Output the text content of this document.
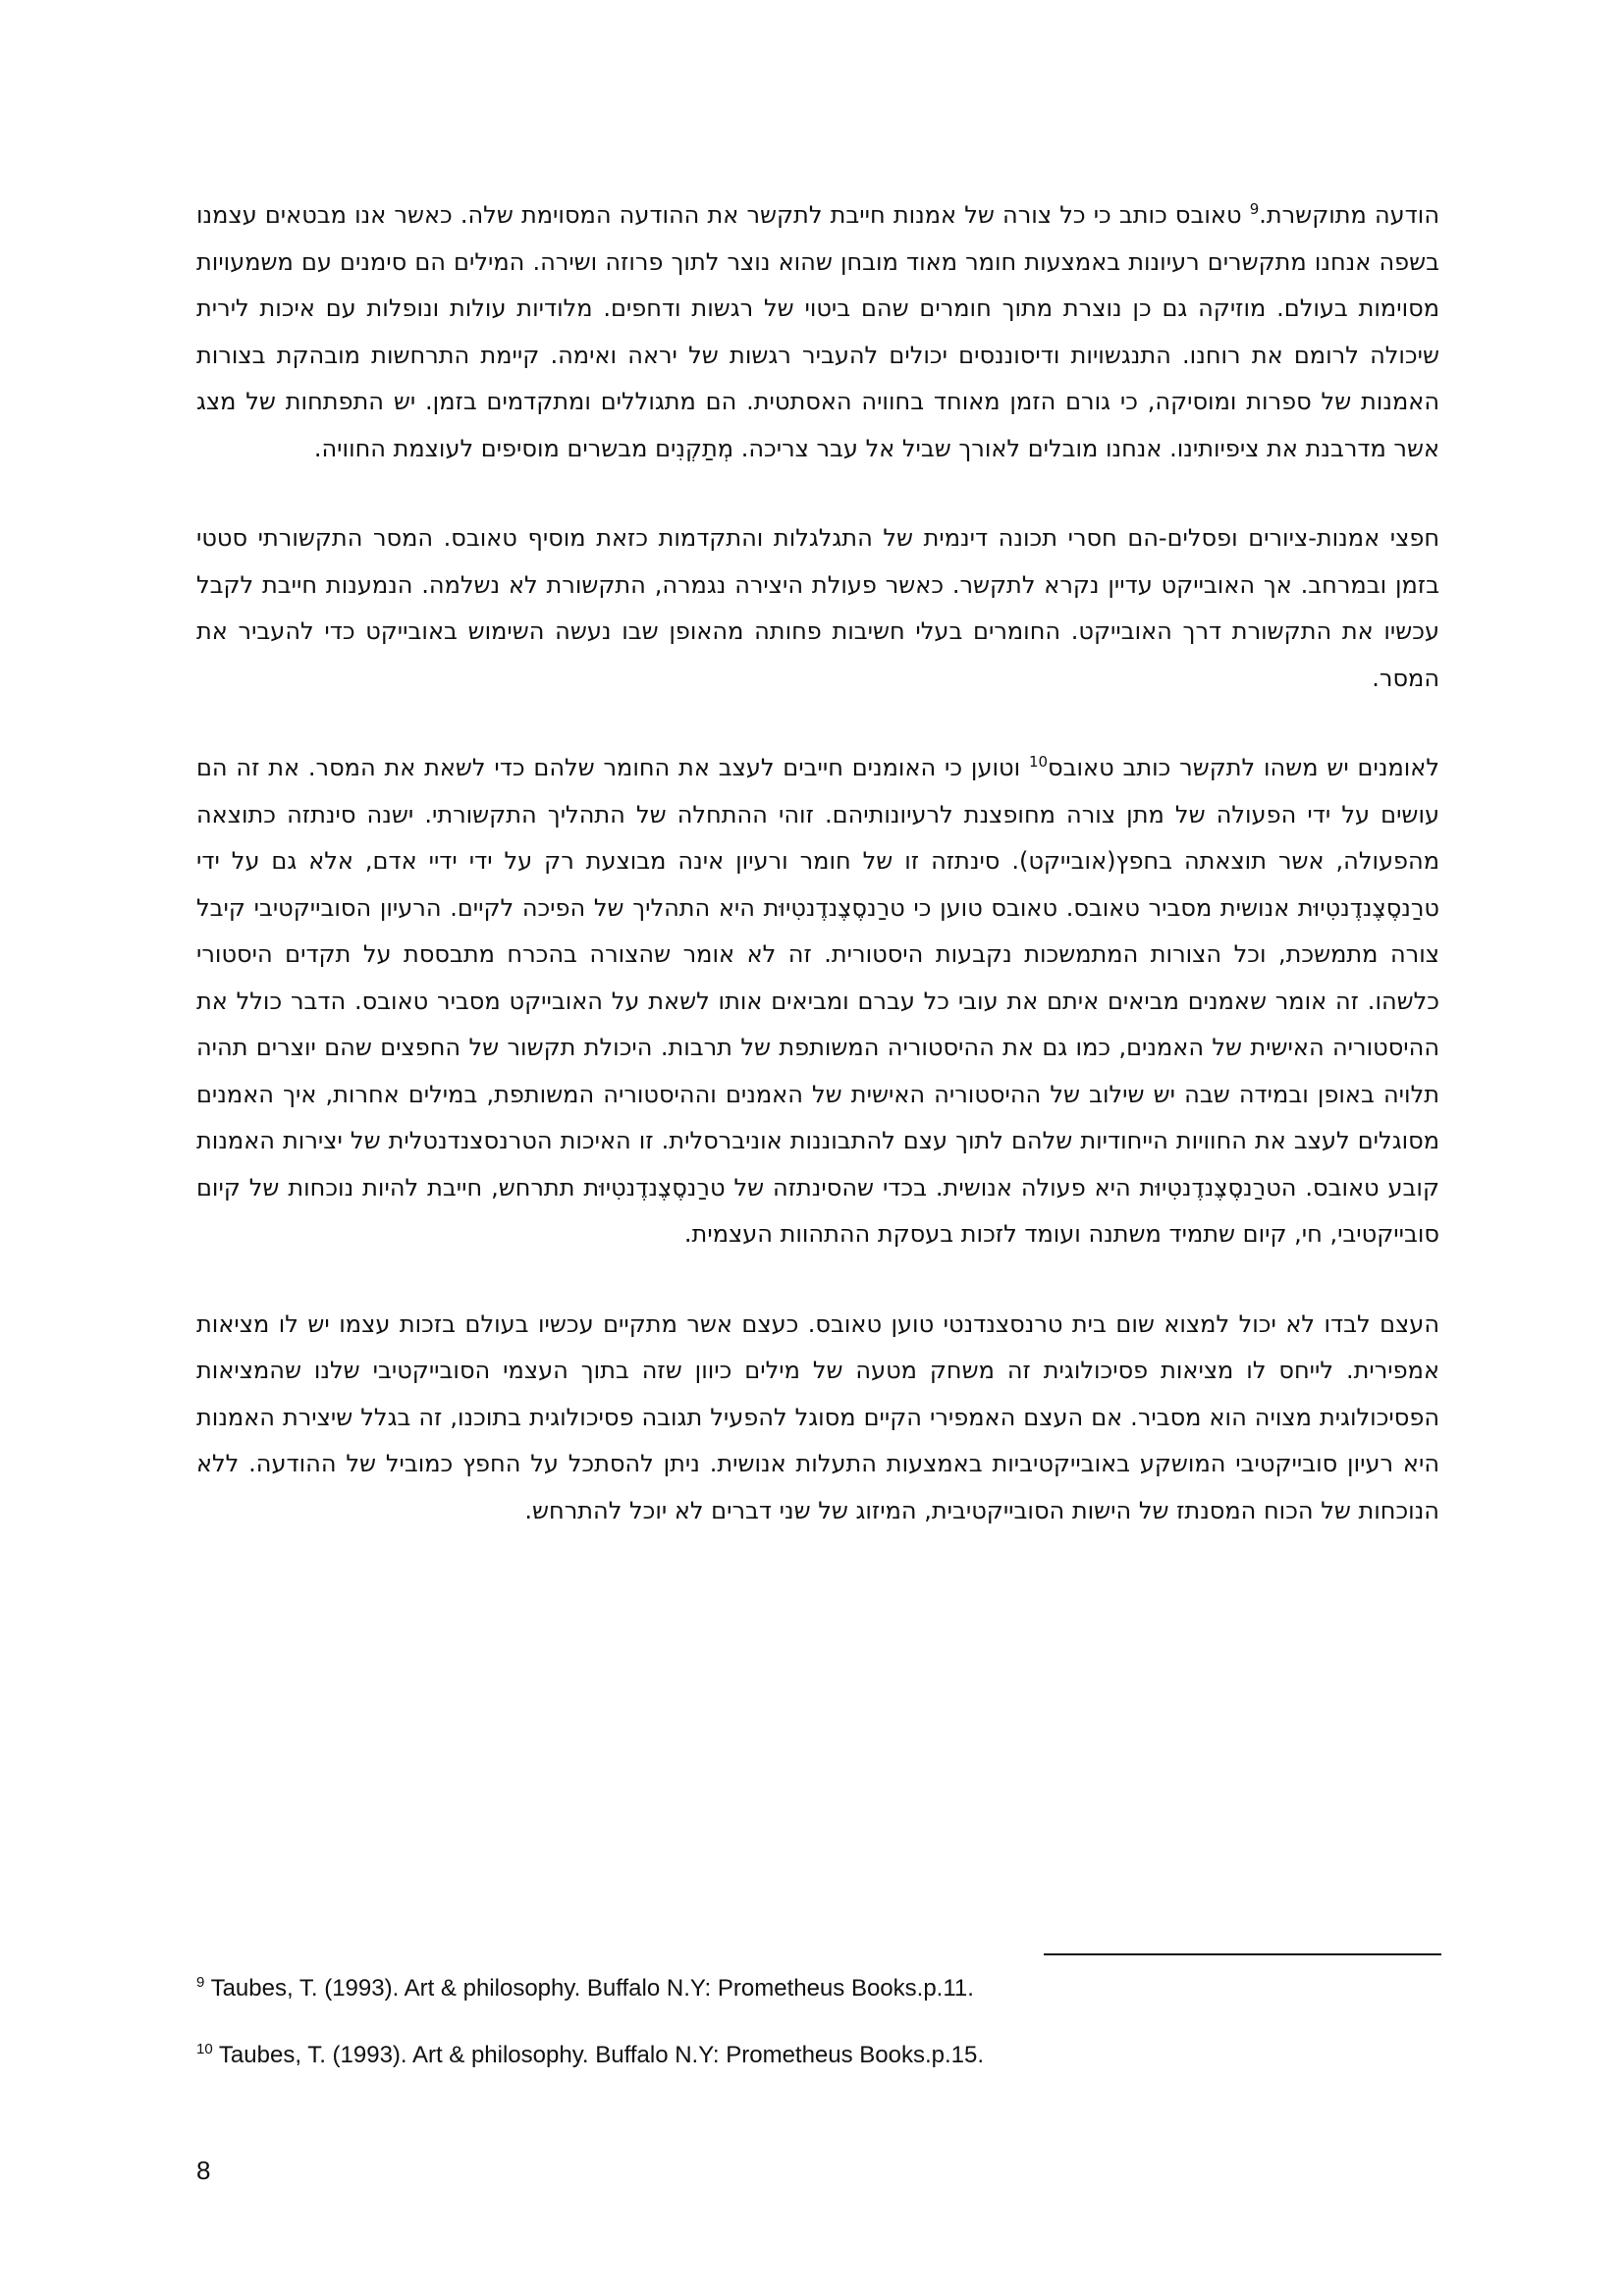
הודעה מתוקשרת.$^9$ טאובס כותב כי כל צורה של אמנות חייבת לתקשר את ההודעה המסוימת שלה. כאשר אנו מבטאים עצמנו בשפה אנחנו מתקשרים רעיונות באמצעות חומר מאוד מובחן שהוא נוצר לתוך פרוזה ושירה. המילים הם סימנים עם משמעויות מסוימות בעולם. מוזיקה גם כן נוצרת מתוך חומרים שהם ביטוי של רגשות ודחפים. מלודיות עולות ונופלות עם איכות לירית שיכולה לרומם את רוחנו. התנגשויות ודיסוננסים יכולים להעביר רגשות של יראה ואימה. קיימת התרחשות מובהקת בצורות האמנות של ספרות ומוסיקה, כי גורם הזמן מאוחד בחוויה האסתטית. הם מתגוללים ומתקדמים בזמן. יש התפתחות של מצג אשר מדרבנת את ציפיותינו. אנחנו מובלים לאורך שביל אל עבר צריכה. מְתַקְנִים מבשרים מוסיפים לעוצמת החוויה.

חפצי אמנות-ציורים ופסלים-הם חסרי תכונה דינמית של התגלגלות והתקדמות כזאת מוסיף טאובס. המסר התקשורתי סטטי בזמן ובמרחב. אך האובייקט עדיין נקרא לתקשר. כאשר פעולת היצירה נגמרה, התקשורת לא נשלמה. הנמענות חייבת לקבל עכשיו את התקשורת דרך האובייקט. החומרים בעלי חשיבות פחותה מהאופן שבו נעשה השימוש באובייקט כדי להעביר את המסר.

לאומנים יש משהו לתקשר כותב טאובס$^{10}$ וטוען כי האומנים חייבים לעצב את החומר שלהם כדי לשאת את המסר. את זה הם עושים על ידי הפעולה של מתן צורה מחופצנת לרעיונותיהם. זוהי ההתחלה של התהליך התקשורתי. ישנה סינתזה כתוצאה מהפעולה, אשר תוצאתה בחפץ(אובייקט). סינתזה זו של חומר ורעיון אינה מבוצעת רק על ידי ידיי אדם, אלא גם על ידי טרַנסֶצֶנדֶנטִיוּת אנושית מסביר טאובס. טאובס טוען כי טרַנסֶצֶנדֶנטִיוּת היא התהליך של הפיכה לקיים. הרעיון הסובייקטיבי קיבל צורה מתמשכת, וכל הצורות המתמשכות נקבעות היסטורית. זה לא אומר שהצורה בהכרח מתבססת על תקדים היסטורי כלשהו. זה אומר שאמנים מביאים איתם את עובי כל עברם ומביאים אותו לשאת על האובייקט מסביר טאובס. הדבר כולל את ההיסטוריה האישית של האמנים, כמו גם את ההיסטוריה המשותפת של תרבות. היכולת תקשור של החפצים שהם יוצרים תהיה תלויה באופן ובמידה שבה יש שילוב של ההיסטוריה האישית של האמנים וההיסטוריה המשותפת, במילים אחרות, איך האמנים מסוגלים לעצב את החוויות הייחודיות שלהם לתוך עצם להתבוננות אוניברסלית. זו האיכות הטרנסצנדנטלית של יצירות האמנות קובע טאובס. הטרַנסֶצֶנדֶנטִיוּת היא פעולה אנושית. בכדי שהסינתזה של טרַנסֶצֶנדֶנטִיוּת תתרחש, חייבת להיות נוכחות של קיום סובייקטיבי, חי, קיום שתמיד משתנה ועומד לזכות בעסקת ההתהוות העצמית.

העצם לבדו לא יכול למצוא שום בית טרנסצנדנטי טוען טאובס. כעצם אשר מתקיים עכשיו בעולם בזכות עצמו יש לו מציאות אמפירית. לייחס לו מציאות פסיכולוגית זה משחק מטעה של מילים כיוון שזה בתוך העצמי הסובייקטיבי שלנו שהמציאות הפסיכולוגית מצויה הוא מסביר. אם העצם האמפירי הקיים מסוגל להפעיל תגובה פסיכולוגית בתוכנו, זה בגלל שיצירת האמנות היא רעיון סובייקטיבי המושקע באובייקטיביות באמצעות התעלות אנושית. ניתן להסתכל על החפץ כמוביל של ההודעה. ללא הנוכחות של הכוח המסנתז של הישות הסובייקטיבית, המיזוג של שני דברים לא יוכל להתרחש.

$^9$ Taubes, T. (1993). Art & philosophy. Buffalo N.Y: Prometheus Books.p.11.

$^{10}$ Taubes, T. (1993). Art & philosophy. Buffalo N.Y: Prometheus Books.p.15.

8
